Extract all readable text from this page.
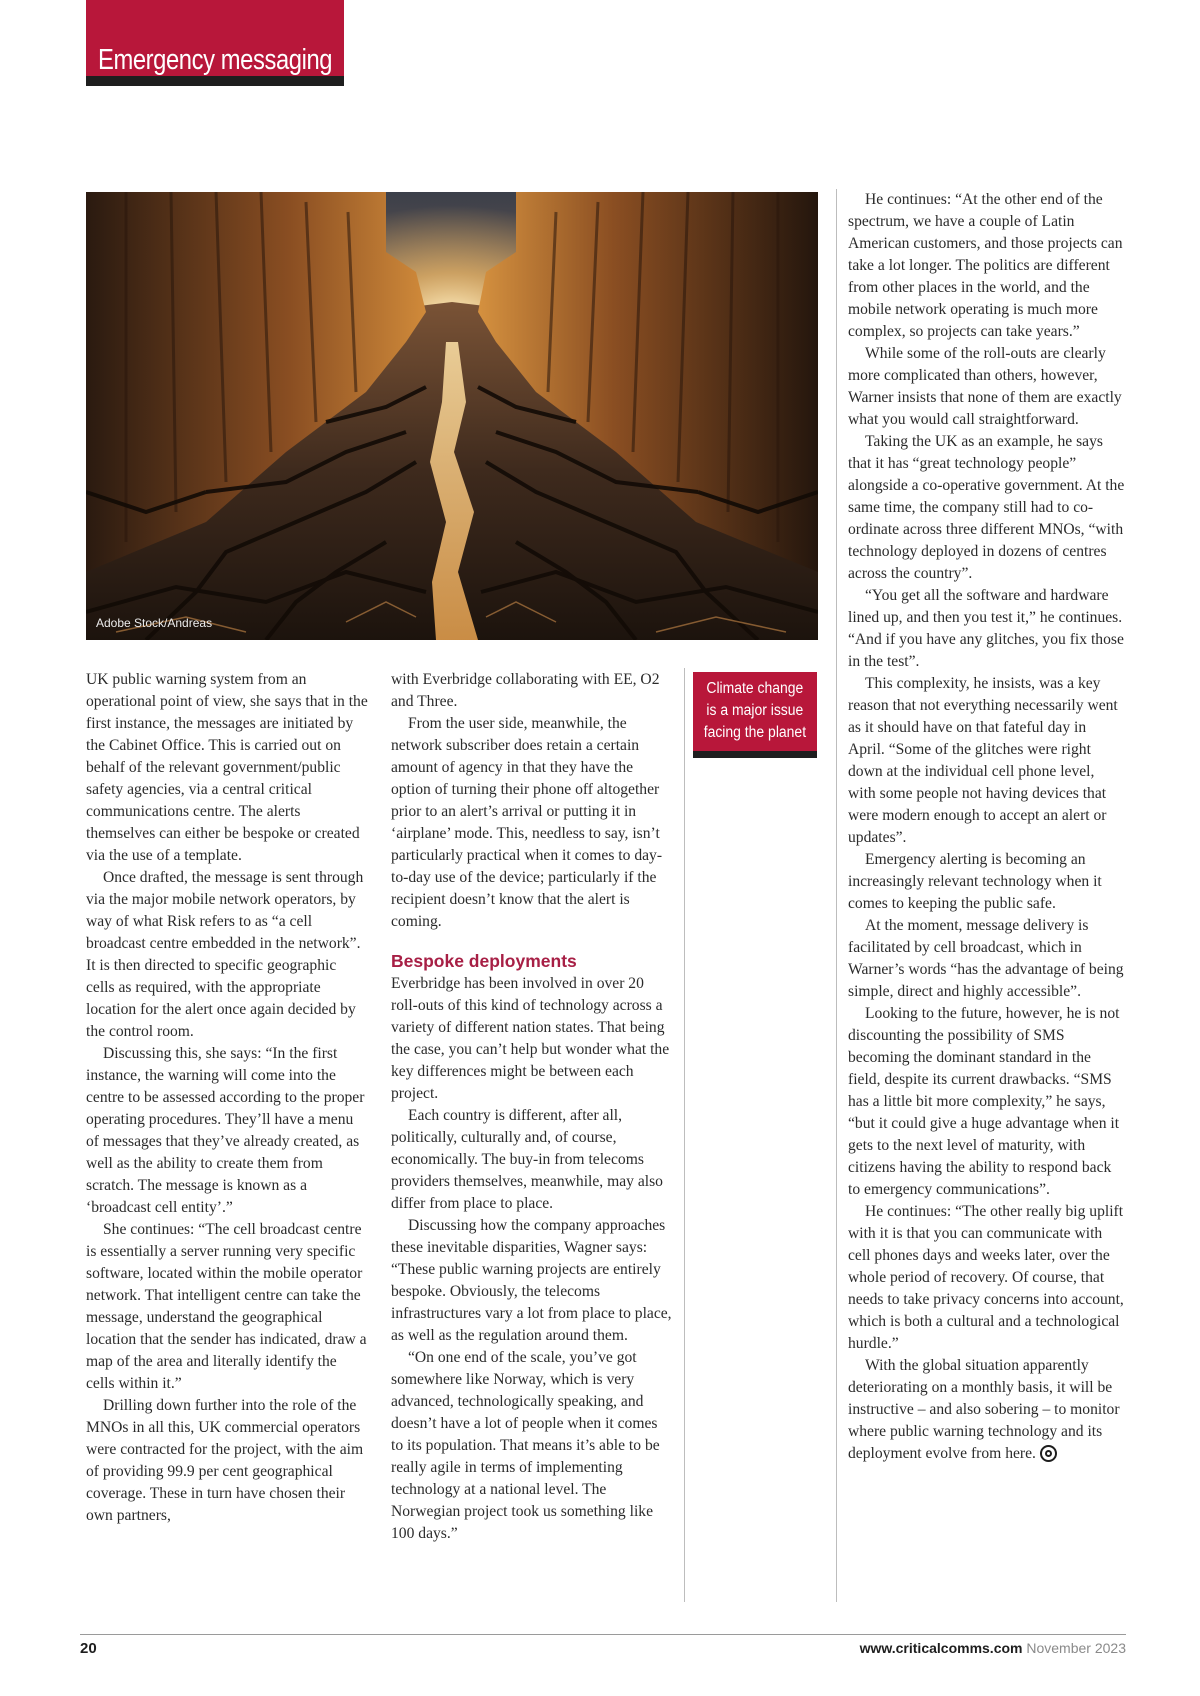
Emergency messaging
Adobe Stock/Andreas

UK public warning system from an operational point of view, she says that in the first instance, the messages are initiated by the Cabinet Office. This is carried out on behalf of the relevant government/public safety agencies, via a central critical communications centre. The alerts themselves can either be bespoke or created via the use of a template.

Once drafted, the message is sent through via the major mobile network operators, by way of what Risk refers to as “a cell broadcast centre embedded in the network”. It is then directed to specific geographic cells as required, with the appropriate location for the alert once again decided by the control room.

Discussing this, she says: “In the first instance, the warning will come into the centre to be assessed according to the proper operating procedures. They’ll have a menu of messages that they’ve already created, as well as the ability to create them from scratch. The message is known as a ‘broadcast cell entity’.”

She continues: “The cell broadcast centre is essentially a server running very specific software, located within the mobile operator network. That intelligent centre can take the message, understand the geographical location that the sender has indicated, draw a map of the area and literally identify the cells within it.”

Drilling down further into the role of the MNOs in all this, UK commercial operators were contracted for the project, with the aim of providing 99.9 per cent geographical coverage. These in turn have chosen their own partners,

with Everbridge collaborating with EE, O2 and Three.

From the user side, meanwhile, the network subscriber does retain a certain amount of agency in that they have the option of turning their phone off altogether prior to an alert’s arrival or putting it in ‘airplane’ mode. This, needless to say, isn’t particularly practical when it comes to day-to-day use of the device; particularly if the recipient doesn’t know that the alert is coming.

Bespoke deployments

Everbridge has been involved in over 20 roll-outs of this kind of technology across a variety of different nation states. That being the case, you can’t help but wonder what the key differences might be between each project.

Each country is different, after all, politically, culturally and, of course, economically. The buy-in from telecoms providers themselves, meanwhile, may also differ from place to place.

Discussing how the company approaches these inevitable disparities, Wagner says: “These public warning projects are entirely bespoke. Obviously, the telecoms infrastructures vary a lot from place to place, as well as the regulation around them.

“On one end of the scale, you’ve got somewhere like Norway, which is very advanced, technologically speaking, and doesn’t have a lot of people when it comes to its population. That means it’s able to be really agile in terms of implementing technology at a national level. The Norwegian project took us something like 100 days.”

Climate change
is a major issue
facing the planet

He continues: “At the other end of the spectrum, we have a couple of Latin American customers, and those projects can take a lot longer. The politics are different from other places in the world, and the mobile network operating is much more complex, so projects can take years.”

While some of the roll-outs are clearly more complicated than others, however, Warner insists that none of them are exactly what you would call straightforward.

Taking the UK as an example, he says that it has “great technology people” alongside a co-operative government. At the same time, the company still had to co-ordinate across three different MNOs, “with technology deployed in dozens of centres across the country”.

“You get all the software and hardware lined up, and then you test it,” he continues. “And if you have any glitches, you fix those in the test”.

This complexity, he insists, was a key reason that not everything necessarily went as it should have on that fateful day in April. “Some of the glitches were right down at the individual cell phone level, with some people not having devices that were modern enough to accept an alert or updates”.

Emergency alerting is becoming an increasingly relevant technology when it comes to keeping the public safe.

At the moment, message delivery is facilitated by cell broadcast, which in Warner’s words “has the advantage of being simple, direct and highly accessible”.

Looking to the future, however, he is not discounting the possibility of SMS becoming the dominant standard in the field, despite its current drawbacks. “SMS has a little bit more complexity,” he says, “but it could give a huge advantage when it gets to the next level of maturity, with citizens having the ability to respond back to emergency communications”.

He continues: “The other really big uplift with it is that you can communicate with cell phones days and weeks later, over the whole period of recovery. Of course, that needs to take privacy concerns into account, which is both a cultural and a technological hurdle.”

With the global situation apparently deteriorating on a monthly basis, it will be instructive – and also sobering – to monitor where public warning technology and its deployment evolve from here.

20	www.criticalcomms.com November 2023
